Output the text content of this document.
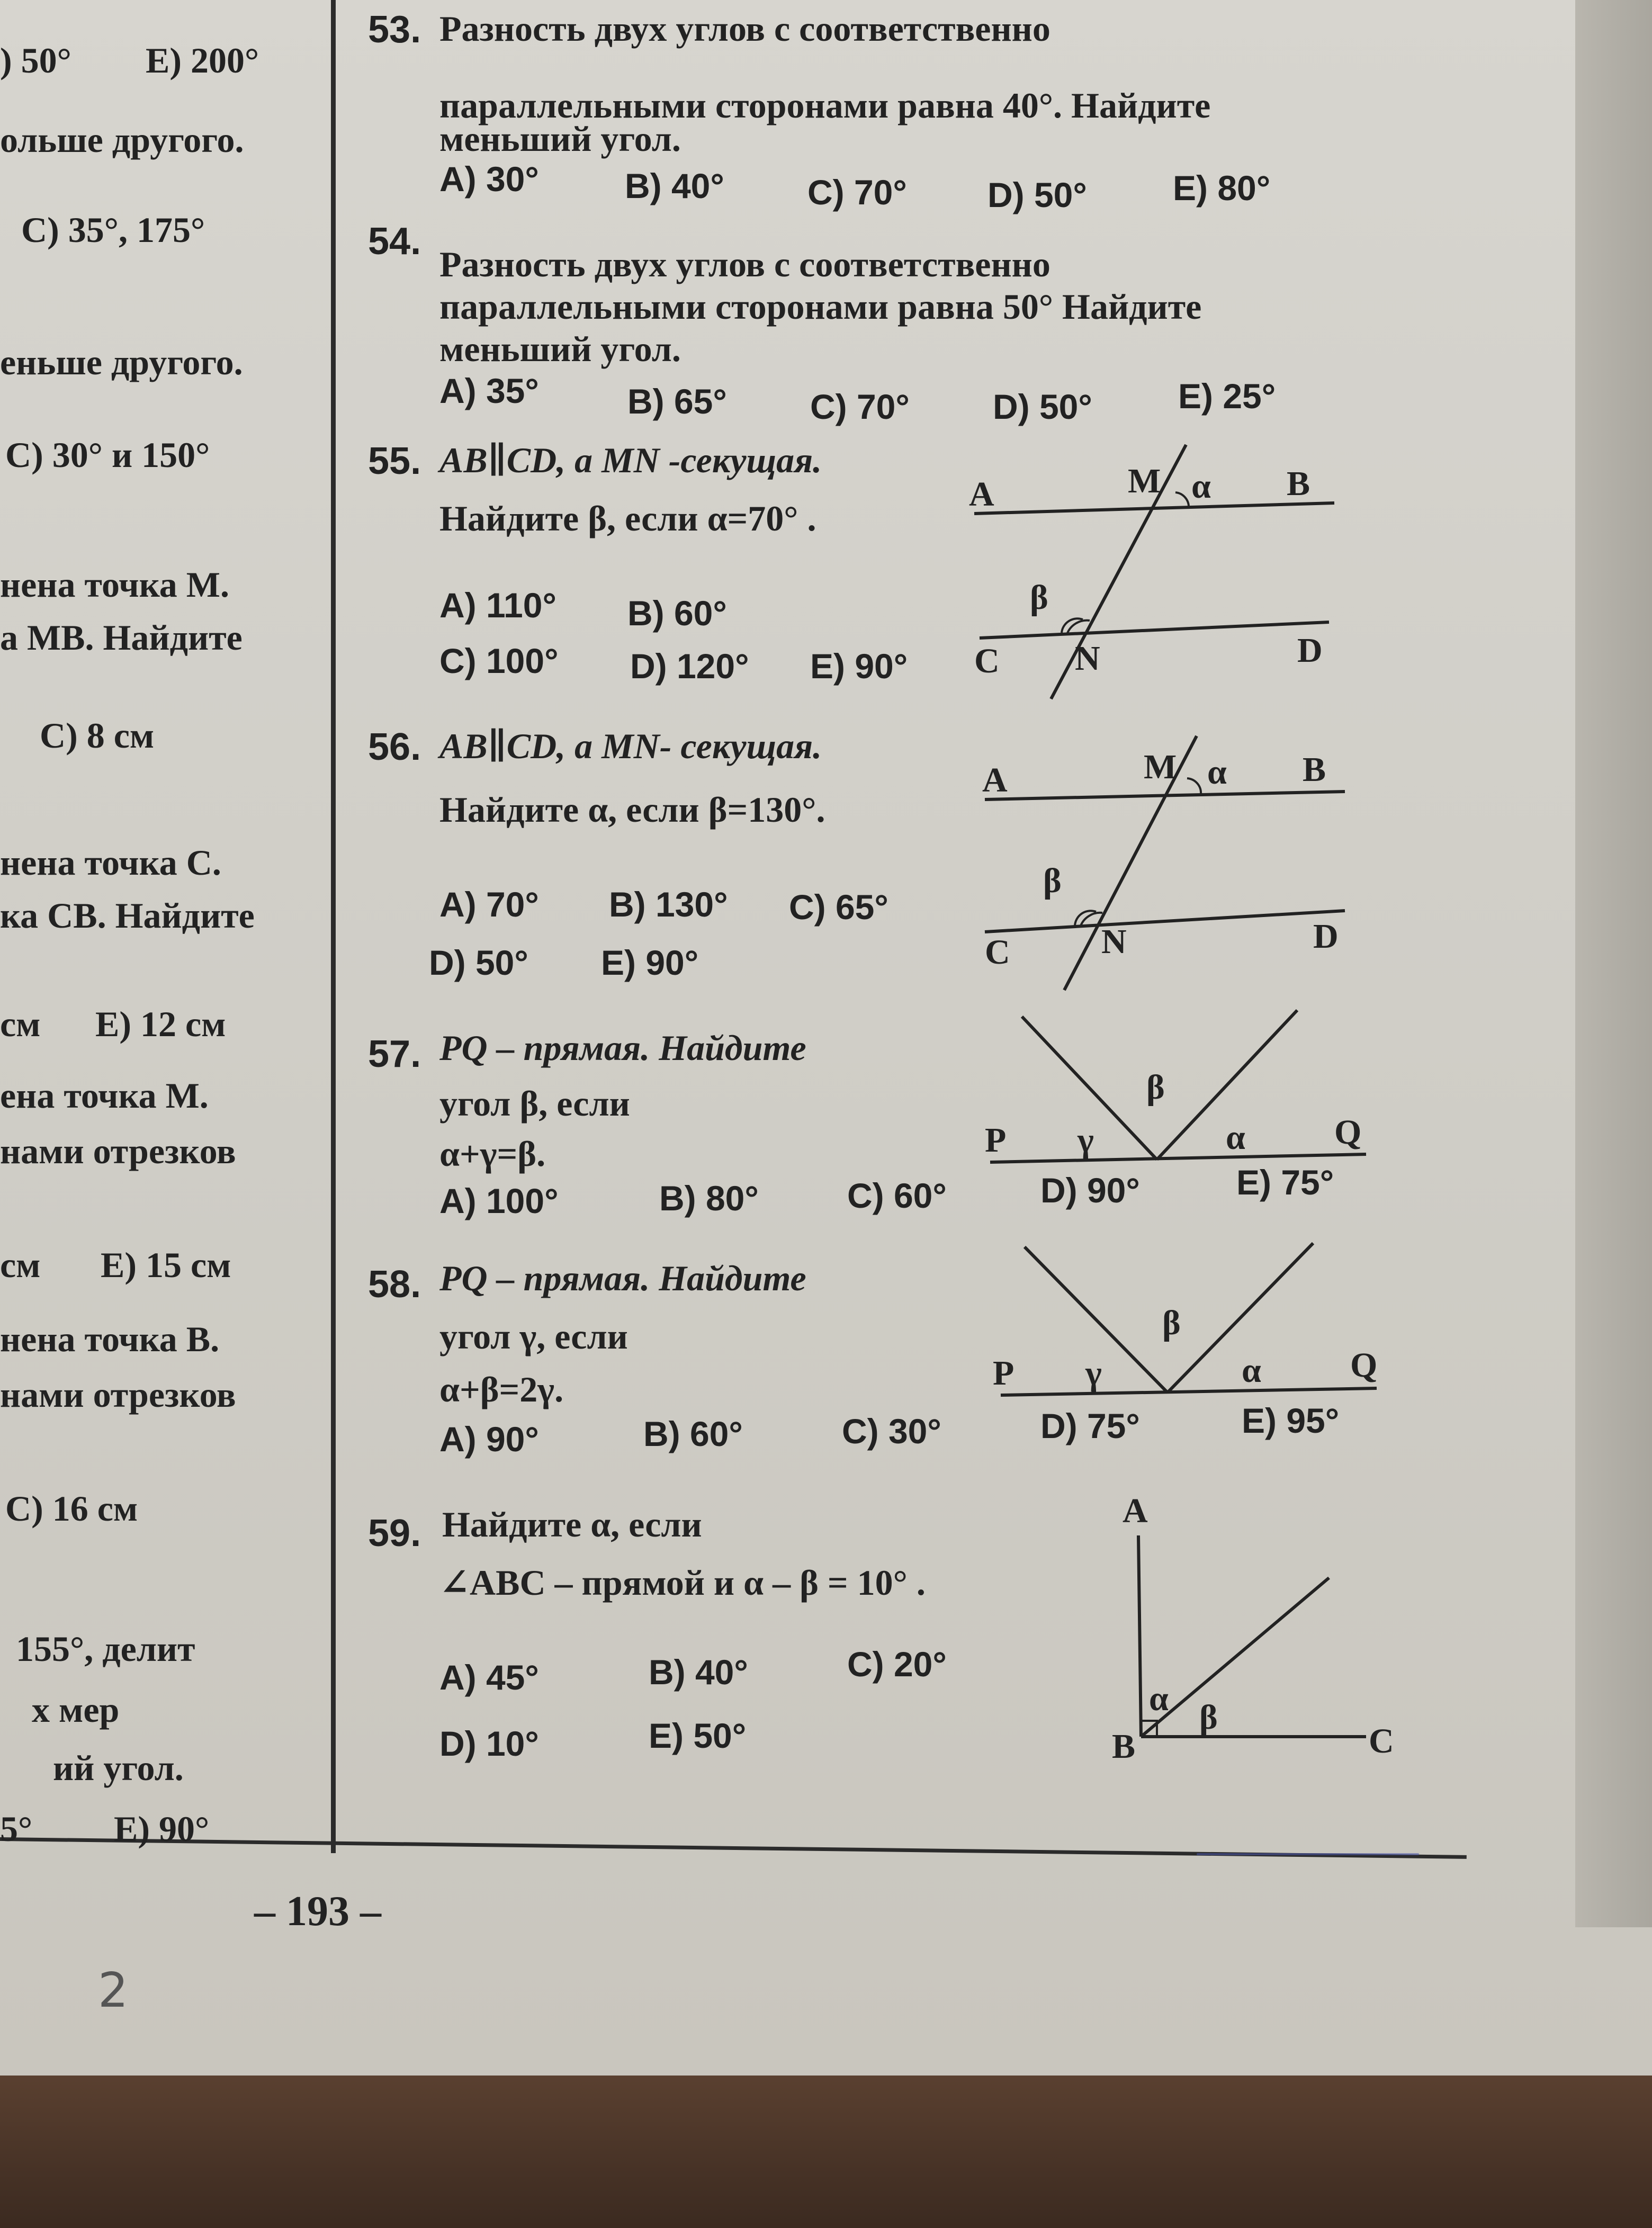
) 50° E) 200°
ольше другого.
C) 35°, 175°
еньше другого.
C) 30° и 150°
нена точка M.
а MB. Найдите
C) 8 см
нена точка C.
ка CB. Найдите
см E) 12 см
ена точка M.
нами отрезков
см E) 15 см
нена точка B.
нами отрезков
C) 16 см
155°, делит
х мер
ий угол.
5° E) 90°
53. Разность двух углов с соответственно
параллельными сторонами равна 40°. Найдите
меньший угол.
A) 30° B) 40° C) 70° D) 50° E) 80°
54.
Разность двух углов с соответственно
параллельными сторонами равна 50° Найдите
меньший угол.
A) 35°	B) 65° C) 70° D) 50° E) 25°
55. AB∥CD, а MN -секущая.
Найдите β, если α=70° .
A) 110° B) 60°
C) 100° D) 120° E) 90°
A	B
C	D
M
N
α
β
56. AB∥CD, а MN- секущая.
Найдите α, если β=130°.
A) 70° B) 130° C) 65°
D) 50° E) 90°
A	B
C	D
M
N
α
β
57. PQ – прямая. Найдите
угол β, если
α+γ=β.
A) 100°	B) 80°	C) 60°	D) 90°	E) 75°
P	Q
γ
β
α
58. PQ – прямая. Найдите
угол γ, если
α+β=2γ.
A) 90°	B) 60°	C) 30°	D) 75°	E) 95°
P	Q
γ
β
α
59. Найдите α, если
∠ABC – прямой и α – β = 10° .
A) 45°	B) 40°	C) 20°
D) 10°	E) 50°
A
B	C
α β
– 193 –
2
